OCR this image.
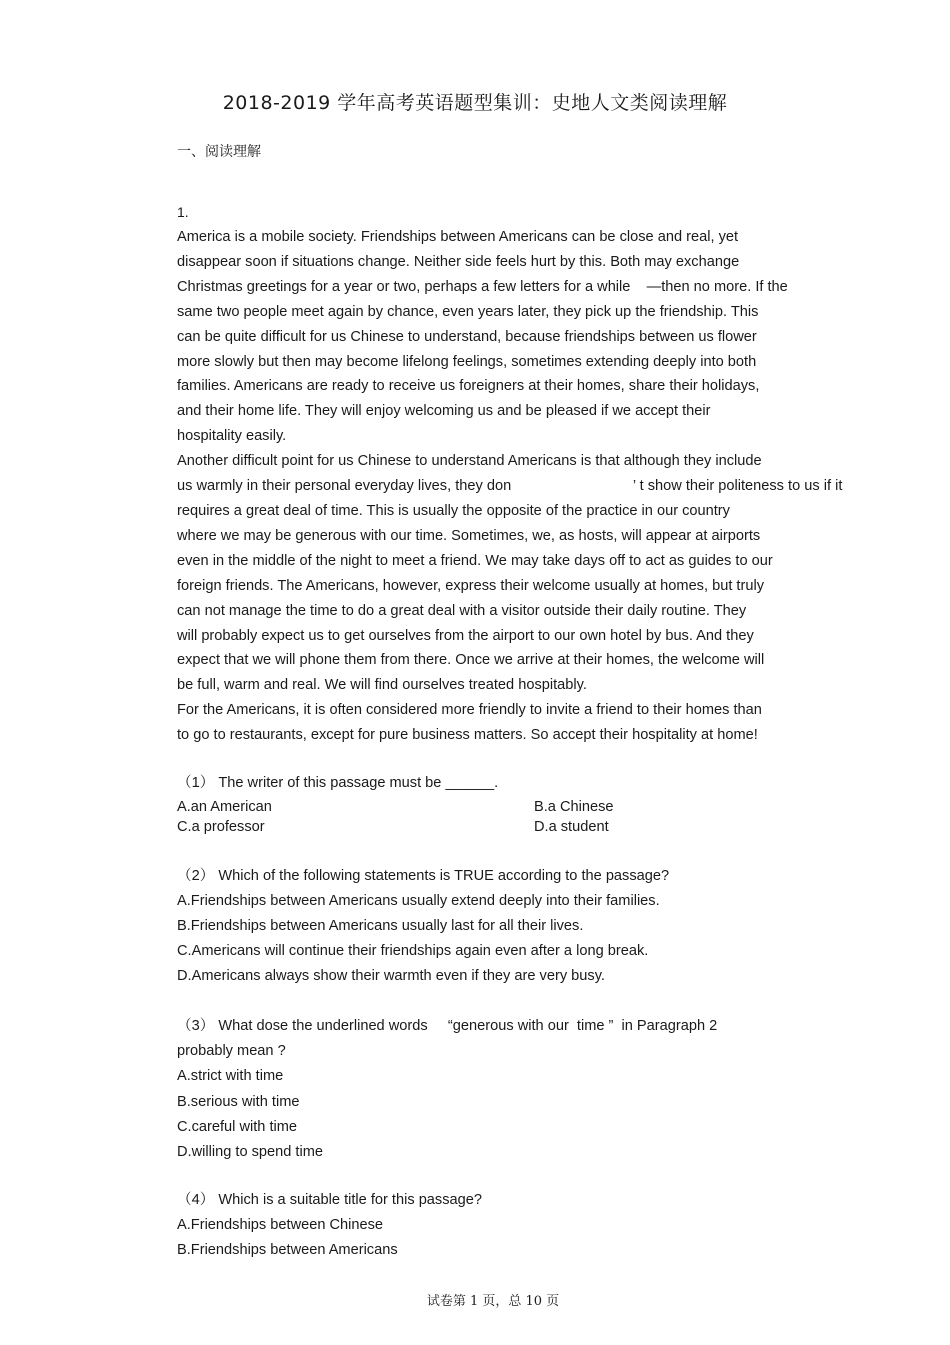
2018-2019 学年高考英语题型集训：史地人文类阅读理解
一、阅读理解
1.
America is a mobile society. Friendships between Americans can be close and real, yet
disappear soon if situations change. Neither side feels hurt by this. Both may exchange
Christmas greetings for a year or two, perhaps a few letters for a while    —then no more. If the
same two people meet again by chance, even years later, they pick up the friendship. This
can be quite difficult for us Chinese to understand, because friendships between us flower
more slowly but then may become lifelong feelings, sometimes extending deeply into both
families. Americans are ready to receive us foreigners at their homes, share their holidays,
and their home life. They will enjoy welcoming us and be pleased if we accept their
hospitality easily.
Another difficult point for us Chinese to understand Americans is that although they include
us warmly in their personal everyday lives, they don                              ’ t show their politeness to us if it
requires a great deal of time. This is usually the opposite of the practice in our country
where we may be generous with our time. Sometimes, we, as hosts, will appear at airports
even in the middle of the night to meet a friend. We may take days off to act as guides to our
foreign friends. The Americans, however, express their welcome usually at homes, but truly
can not manage the time to do a great deal with a visitor outside their daily routine. They
will probably expect us to get ourselves from the airport to our own hotel by bus. And they
expect that we will phone them from there. Once we arrive at their homes, the welcome will
be full, warm and real. We will find ourselves treated hospitably.
For the Americans, it is often considered more friendly to invite a friend to their homes than
to go to restaurants, except for pure business matters. So accept their hospitality at home!
（1） The writer of this passage must be ______.
A.an American	B.a Chinese
C.a professor	D.a student
（2） Which of the following statements is TRUE according to the passage?
A.Friendships between Americans usually extend deeply into their families.
B.Friendships between Americans usually last for all their lives.
C.Americans will continue their friendships again even after a long break.
D.Americans always show their warmth even if they are very busy.
（3） What dose the underlined words     “generous with our  time ”  in Paragraph 2
probably mean ?
A.strict with time
B.serious with time
C.careful with time
D.willing to spend time
（4） Which is a suitable title for this passage?
A.Friendships between Chinese
B.Friendships between Americans
试卷第 1 页，总 10 页
